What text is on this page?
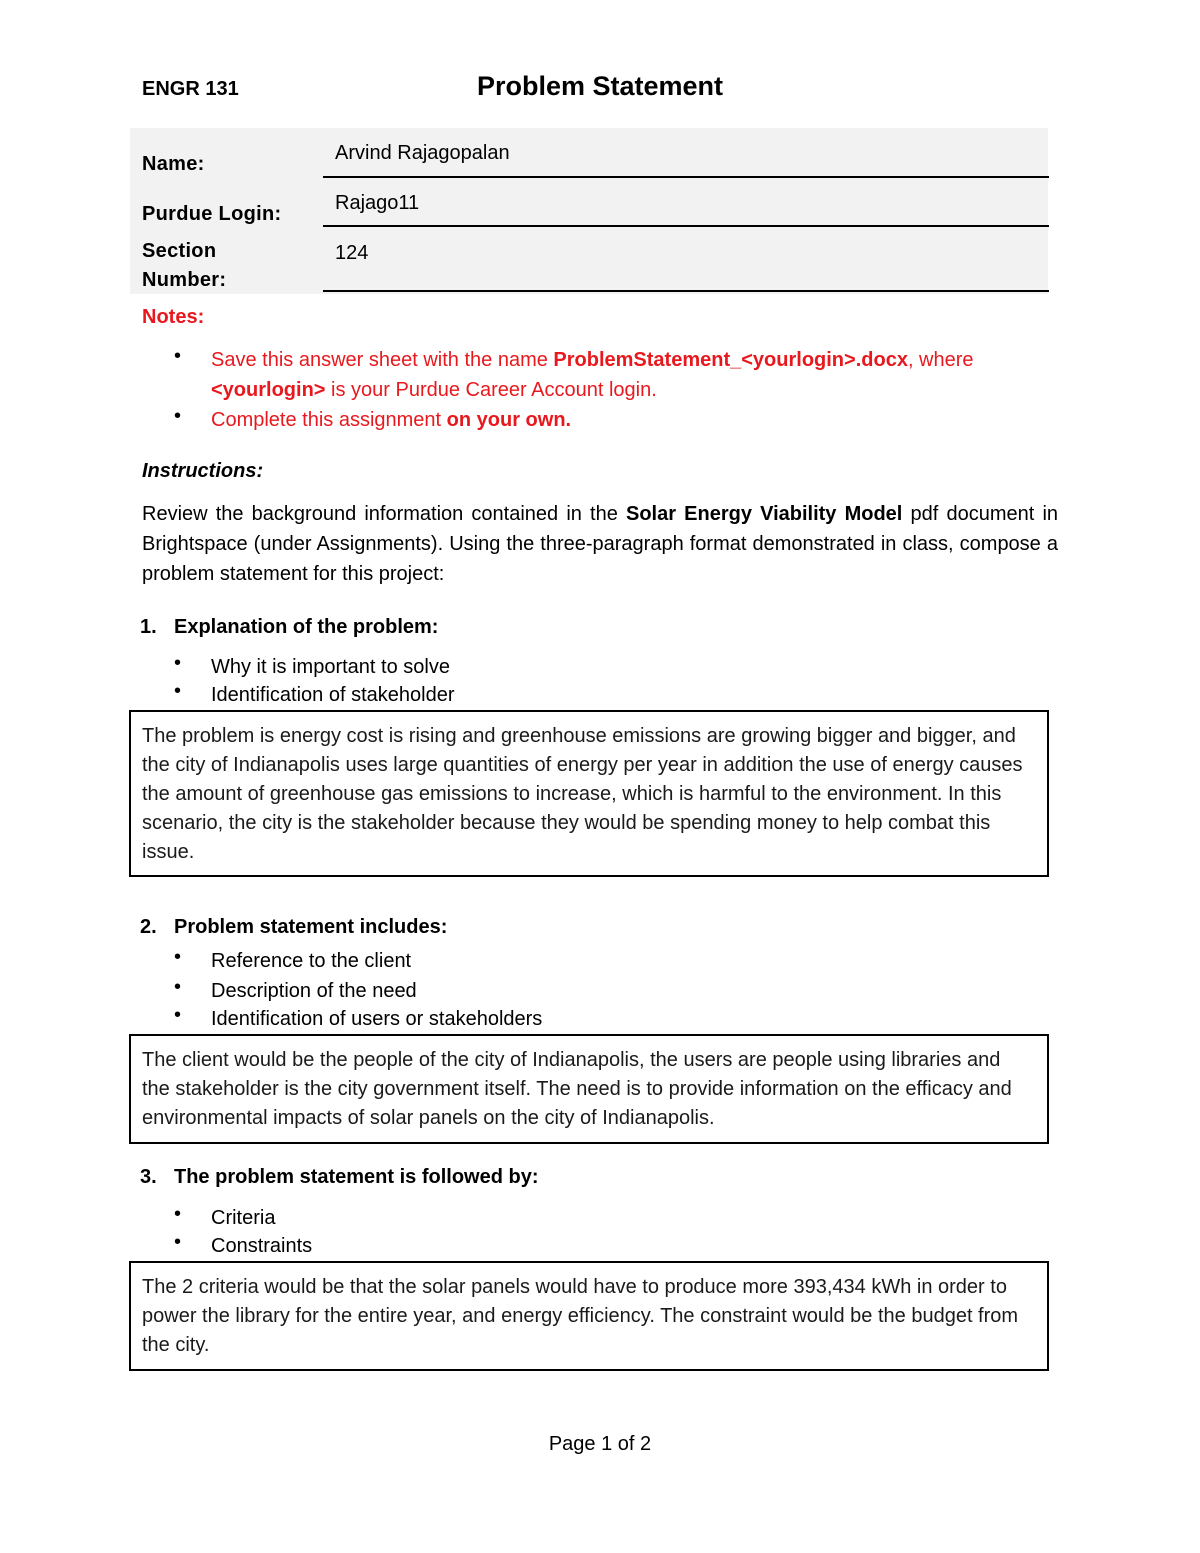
ENGR 131	Problem Statement
Name:	Arvind Rajagopalan
Purdue Login:	Rajago11
Section
Number:
124
Notes:
• Save this answer sheet with the name ProblemStatement_<yourlogin>.docx, where
<yourlogin> is your Purdue Career Account login.
• Complete this assignment on your own.
Instructions:
Review the background information contained in the Solar Energy Viability Model pdf document in Brightspace (under Assignments). Using the three-paragraph format demonstrated in class, compose a problem statement for this project:
1. Explanation of the problem:
• Why it is important to solve
• Identification of stakeholder
The problem is energy cost is rising and greenhouse emissions are growing bigger and bigger, and the city of Indianapolis uses large quantities of energy per year in addition the use of energy causes the amount of greenhouse gas emissions to increase, which is harmful to the environment. In this scenario, the city is the stakeholder because they would be spending money to help combat this issue.
2. Problem statement includes:
• Reference to the client
• Description of the need
• Identification of users or stakeholders
The client would be the people of the city of Indianapolis, the users are people using libraries and the stakeholder is the city government itself. The need is to provide information on the efficacy and environmental impacts of solar panels on the city of Indianapolis.
3. The problem statement is followed by:
• Criteria
• Constraints
The 2 criteria would be that the solar panels would have to produce more 393,434 kWh in order to power the library for the entire year, and energy efficiency. The constraint would be the budget from the city.
Page 1 of 2
